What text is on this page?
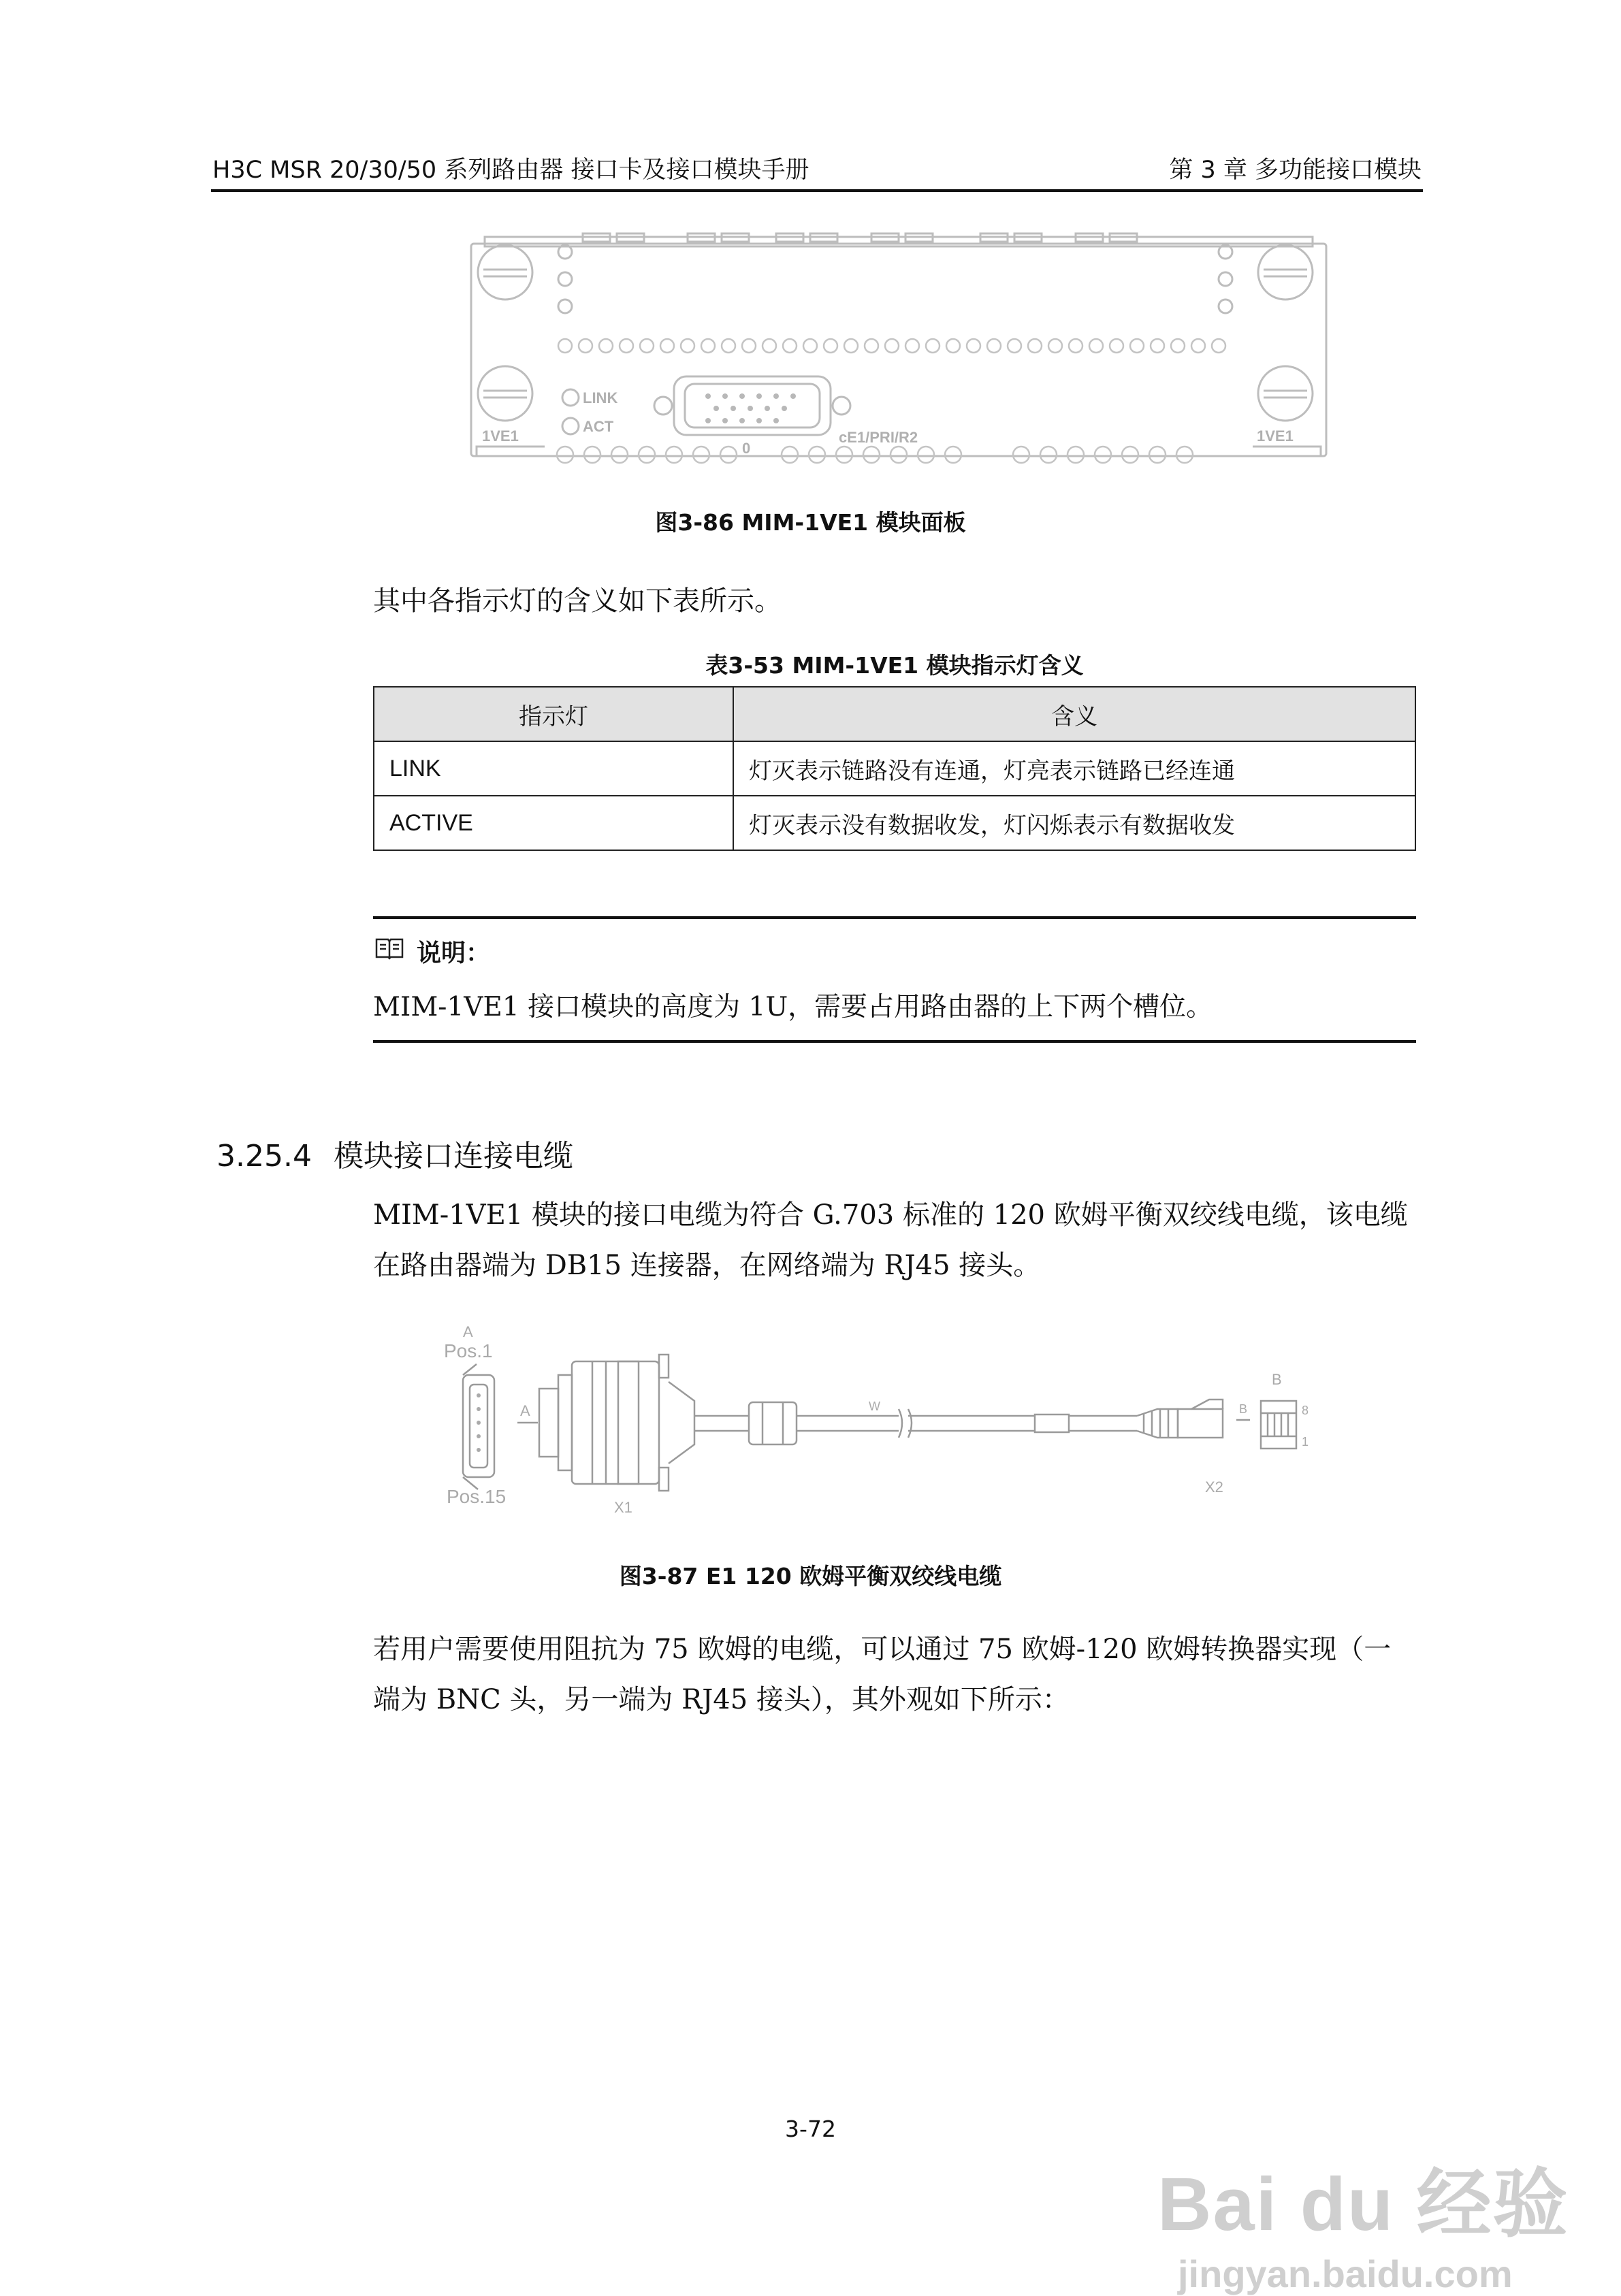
H3C MSR 20/30/50 系列路由器 接口卡及接口模块手册	第 3 章 多功能接口模块
LINK
ACT
0
cE1/PRI/R2
1VE1	1VE1
图3-86 MIM-1VE1 模块面板
其中各指示灯的含义如下表所示。
表3-53 MIM-1VE1 模块指示灯含义
指示灯	含义
LINK	灯灭表示链路没有连通，灯亮表示链路已经连通
ACTIVE	灯灭表示没有数据收发，灯闪烁表示有数据收发
说明：
MIM-1VE1 接口模块的高度为 1U，需要占用路由器的上下两个槽位。
3.25.4 模块接口连接电缆
MIM-1VE1 模块的接口电缆为符合 G.703 标准的 120 欧姆平衡双绞线电缆，该电缆
在路由器端为 DB15 连接器，在网络端为 RJ45 接头。
A
Pos.1
Pos.15
A
X1
W
B
B
X2
8
1
图3-87 E1 120 欧姆平衡双绞线电缆
若用户需要使用阻抗为 75 欧姆的电缆，可以通过 75 欧姆-120 欧姆转换器实现（一
端为 BNC 头，另一端为 RJ45 接头），其外观如下所示：
3-72
Bai du 经验
jingyan.baidu.com
